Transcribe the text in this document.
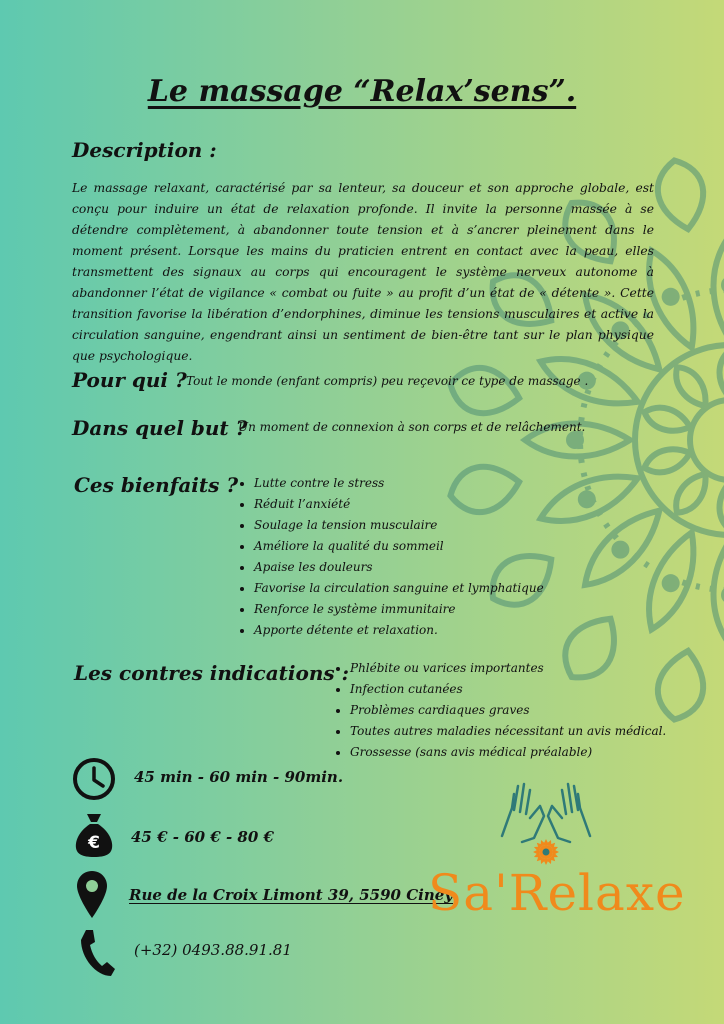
Le massage “Relax’sens”.
Description :
Le massage relaxant, caractérisé par sa lenteur, sa douceur et son approche globale, est conçu pour induire un état de relaxation profonde. Il invite la personne massée à se détendre complètement, à abandonner toute tension et à s’ancrer pleinement dans le moment présent. Lorsque les mains du praticien entrent en contact avec la peau, elles transmettent des signaux au corps qui encouragent le système nerveux autonome à abandonner l’état de vigilance « combat ou fuite » au profit d’un état de « détente ». Cette transition favorise la libération d’endorphines, diminue les tensions musculaires et active la circulation sanguine, engendrant ainsi un sentiment de bien-être tant sur le plan physique que psychologique.
Pour qui ? Tout le monde (enfant compris) peu reçevoir ce type de massage .
Dans quel but ?
Un moment de connexion à son corps et de relâchement.
Ces bienfaits ? • Lutte contre le stress
• Réduit l’anxiété
• Soulage la tension musculaire
• Améliore la qualité du sommeil
• Apaise les douleurs
• Favorise la circulation sanguine et lymphatique
• Renforce le système immunitaire
• Apporte détente et relaxation.
Les contres indications : • Phlébite ou varices importantes
• Infection cutanées
• Problèmes cardiaques graves
• Toutes autres maladies nécessitant un avis médical.
• Grossesse (sans avis médical préalable)
45 min - 60 min - 90min.
€ 45 € - 60 € - 80 €
Rue de la Croix Limont 39, 5590 Ciney
(+32) 0493.88.91.81
Sa'Relaxe
